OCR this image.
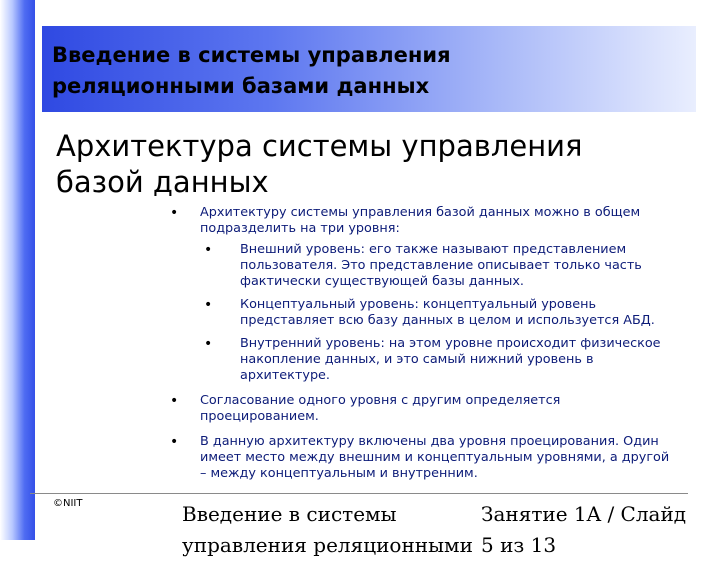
Введение в системы управления
реляционными базами данных
Архитектура системы управления
базой данных
• Архитектуру системы управления базой данных можно в общем подразделить на три уровня:
• Внешний уровень: его также называют представлением пользователя. Это представление описывает только часть фактически существующей базы данных.
• Концептуальный уровень: концептуальный уровень представляет всю базу данных в целом и используется АБД.
• Внутренний уровень: на этом уровне происходит физическое накопление данных, и это самый нижний уровень в архитектуре.
• Согласование одного уровня с другим определяется проецированием.
• В данную архитектуру включены два уровня проецирования. Один имеет место между внешним и концептуальным уровнями, а другой – между концептуальным и внутренним.
©NIIT	Введение в системы
управления реляционными
Занятие 1A / Слайд
5 из 13
